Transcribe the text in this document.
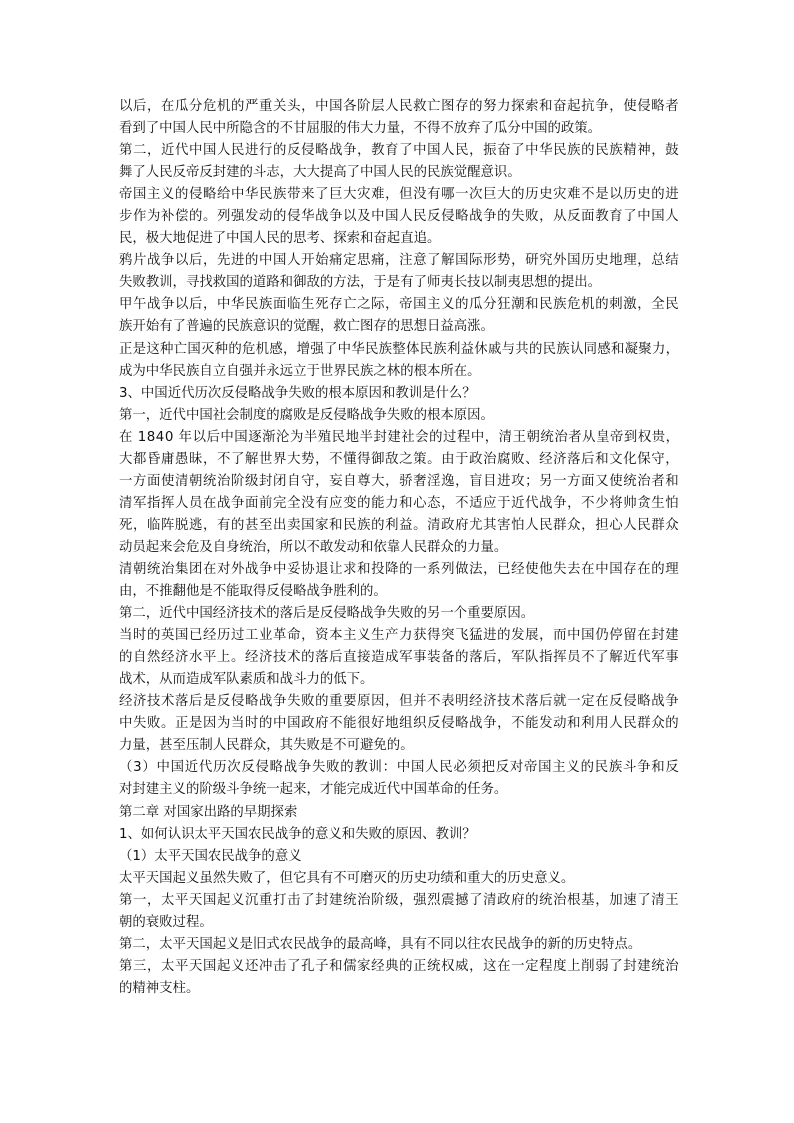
以后，在瓜分危机的严重关头，中国各阶层人民救亡图存的努力探索和奋起抗争，使侵略者
看到了中国人民中所隐含的不甘屈服的伟大力量，不得不放弃了瓜分中国的政策。
第二，近代中国人民进行的反侵略战争，教育了中国人民，振奋了中华民族的民族精神，鼓
舞了人民反帝反封建的斗志，大大提高了中国人民的民族觉醒意识。
帝国主义的侵略给中华民族带来了巨大灾难，但没有哪一次巨大的历史灾难不是以历史的进
步作为补偿的。列强发动的侵华战争以及中国人民反侵略战争的失败，从反面教育了中国人
民，极大地促进了中国人民的思考、探索和奋起直追。
鸦片战争以后，先进的中国人开始痛定思痛，注意了解国际形势，研究外国历史地理，总结
失败教训，寻找救国的道路和御敌的方法，于是有了师夷长技以制夷思想的提出。
甲午战争以后，中华民族面临生死存亡之际，帝国主义的瓜分狂潮和民族危机的刺激，全民
族开始有了普遍的民族意识的觉醒，救亡图存的思想日益高涨。
正是这种亡国灭种的危机感，增强了中华民族整体民族利益休戚与共的民族认同感和凝聚力，
成为中华民族自立自强并永远立于世界民族之林的根本所在。
3、中国近代历次反侵略战争失败的根本原因和教训是什么？
第一，近代中国社会制度的腐败是反侵略战争失败的根本原因。
在 1840 年以后中国逐渐沦为半殖民地半封建社会的过程中，清王朝统治者从皇帝到权贵，
大都昏庸愚昧，不了解世界大势，不懂得御敌之策。由于政治腐败、经济落后和文化保守，
一方面使清朝统治阶级封闭自守，妄自尊大，骄奢淫逸，盲目进攻；另一方面又使统治者和
清军指挥人员在战争面前完全没有应变的能力和心态，不适应于近代战争，不少将帅贪生怕
死，临阵脱逃，有的甚至出卖国家和民族的利益。清政府尤其害怕人民群众，担心人民群众
动员起来会危及自身统治，所以不敢发动和依靠人民群众的力量。
清朝统治集团在对外战争中妥协退让求和投降的一系列做法，已经使他失去在中国存在的理
由，不推翻他是不能取得反侵略战争胜利的。
第二，近代中国经济技术的落后是反侵略战争失败的另一个重要原因。
当时的英国已经历过工业革命，资本主义生产力获得突飞猛进的发展，而中国仍停留在封建
的自然经济水平上。经济技术的落后直接造成军事装备的落后，军队指挥员不了解近代军事
战术，从而造成军队素质和战斗力的低下。
经济技术落后是反侵略战争失败的重要原因，但并不表明经济技术落后就一定在反侵略战争
中失败。正是因为当时的中国政府不能很好地组织反侵略战争，不能发动和利用人民群众的
力量，甚至压制人民群众，其失败是不可避免的。
（3）中国近代历次反侵略战争失败的教训：中国人民必须把反对帝国主义的民族斗争和反
对封建主义的阶级斗争统一起来，才能完成近代中国革命的任务。
第二章 对国家出路的早期探索
1、如何认识太平天国农民战争的意义和失败的原因、教训？
（1）太平天国农民战争的意义
太平天国起义虽然失败了，但它具有不可磨灭的历史功绩和重大的历史意义。
第一，太平天国起义沉重打击了封建统治阶级，强烈震撼了清政府的统治根基，加速了清王
朝的衰败过程。
第二，太平天国起义是旧式农民战争的最高峰，具有不同以往农民战争的新的历史特点。
第三，太平天国起义还冲击了孔子和儒家经典的正统权威，这在一定程度上削弱了封建统治
的精神支柱。
